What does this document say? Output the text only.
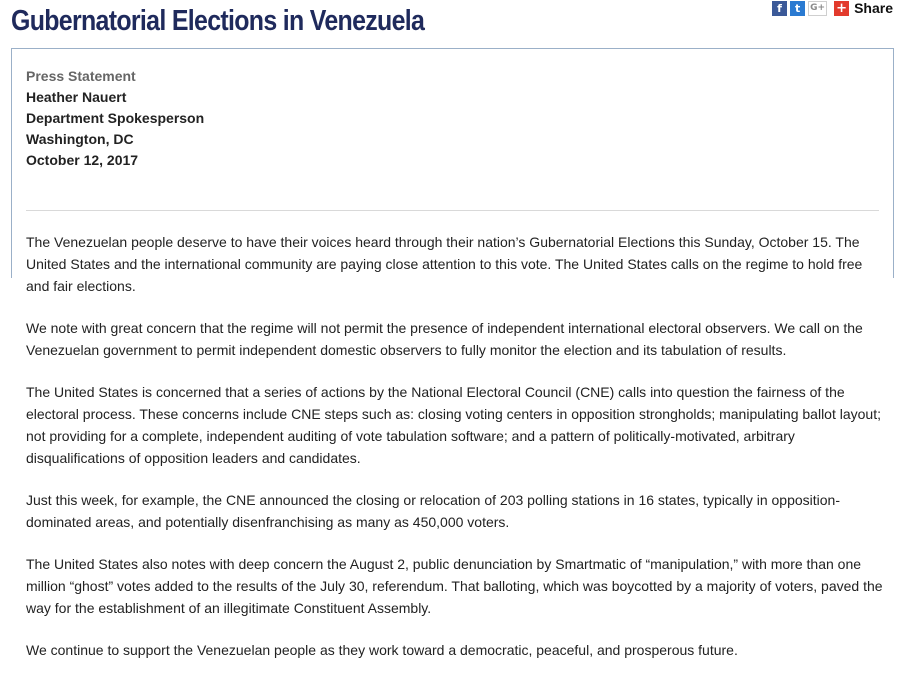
Gubernatorial Elections in Venezuela	f	t	G+ + Share
Press Statement
Heather Nauert
Department Spokesperson
Washington, DC
October 12, 2017

The Venezuelan people deserve to have their voices heard through their nation’s Gubernatorial Elections this Sunday, October 15. The United States and the international community are paying close attention to this vote. The United States calls on the regime to hold free and fair elections.

We note with great concern that the regime will not permit the presence of independent international electoral observers. We call on the Venezuelan government to permit independent domestic observers to fully monitor the election and its tabulation of results.

The United States is concerned that a series of actions by the National Electoral Council (CNE) calls into question the fairness of the electoral process. These concerns include CNE steps such as: closing voting centers in opposition strongholds; manipulating ballot layout; not providing for a complete, independent auditing of vote tabulation software; and a pattern of politically-motivated, arbitrary disqualifications of opposition leaders and candidates.

Just this week, for example, the CNE announced the closing or relocation of 203 polling stations in 16 states, typically in opposition-dominated areas, and potentially disenfranchising as many as 450,000 voters.

The United States also notes with deep concern the August 2, public denunciation by Smartmatic of “manipulation,” with more than one million “ghost” votes added to the results of the July 30, referendum. That balloting, which was boycotted by a majority of voters, paved the way for the establishment of an illegitimate Constituent Assembly.

We continue to support the Venezuelan people as they work toward a democratic, peaceful, and prosperous future.
